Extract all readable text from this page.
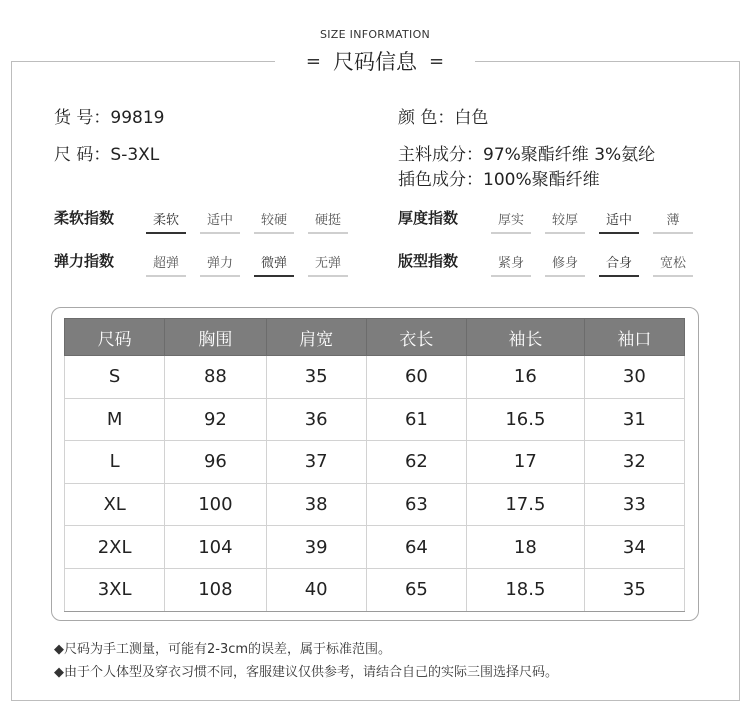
SIZE INFORMATION
= 尺码信息 =
货 号：99819
尺 码：S-3XL
颜 色：白色
主料成分：97%聚酯纤维 3%氨纶
插色成分：100%聚酯纤维
柔软指数	柔软	适中	较硬	硬挺
弹力指数	超弹	弹力	微弹	无弹
厚度指数	厚实	较厚	适中	薄
版型指数	紧身	修身	合身	宽松
尺码	胸围	肩宽	衣长	袖长	袖口
S	88	35	60	16	30
M	92	36	61	16.5	31
L	96	37	62	17	32
XL	100	38	63	17.5	33
2XL	104	39	64	18	34
3XL	108	40	65	18.5	35
◆尺码为手工测量，可能有2-3cm的误差，属于标准范围。
◆由于个人体型及穿衣习惯不同，客服建议仅供参考，请结合自己的实际三围选择尺码。
